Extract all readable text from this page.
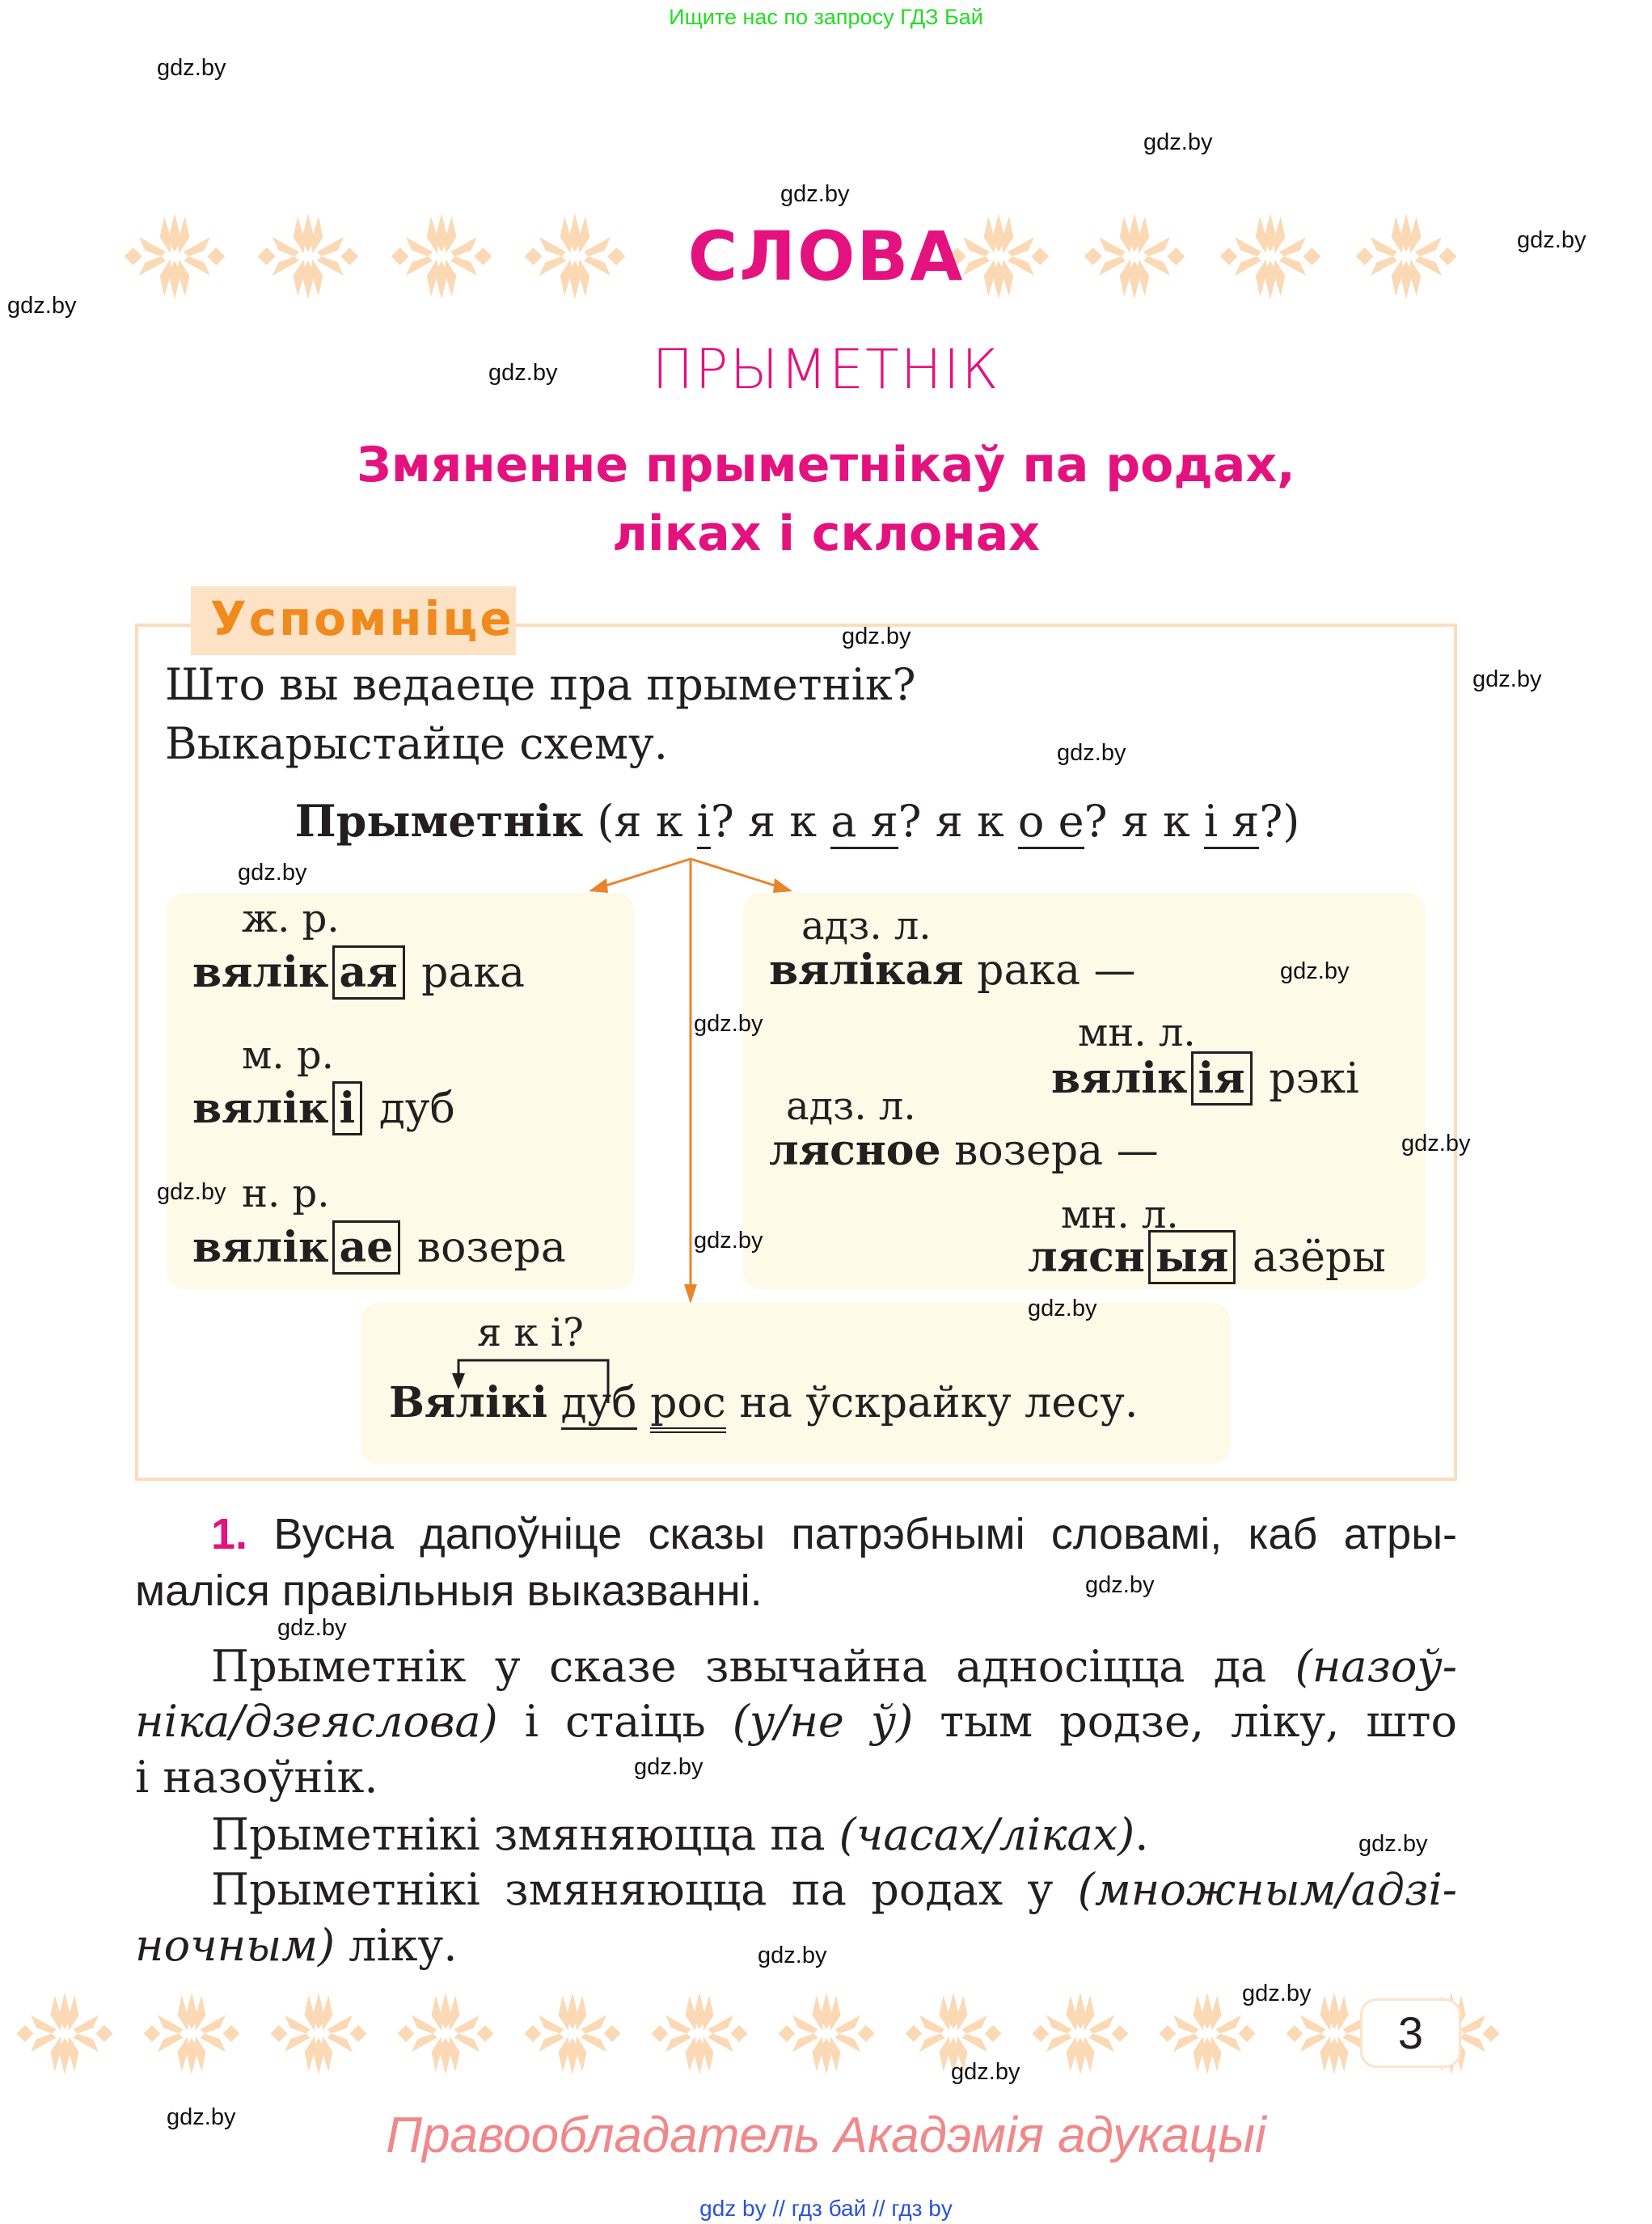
Ищите нас по запросу ГДЗ Бай
СЛОВА
ПРЫМЕТНІК
Змяненне прыметнікаў па родах,
ліках і склонах
Успомніце
Што вы ведаеце пра прыметнік?
Выкарыстайце схему.
Прыметнік (я к і? я к а я? я к о е? я к і я?)
ж. р.
вялік ая рака
м. р.
вялік і дуб
н. р.
вялік ае возера
адз. л.
вялікая рака —
мн. л.
вялік ія рэкі
адз. л.
лясное возера —
мн. л.
лясн ыя азёры
я к і?
Вялікі дуб рос на ўскрайку лесу.
1. Вусна дапоўніце сказы патрэбнымі словамі, каб атры-
маліся правільныя выказванні.
Прыметнік у сказе звычайна адносіцца да (назоў-
ніка/дзеяслова) і стаіць (у/не ў) тым родзе, ліку, што
і назоўнік.
Прыметнікі змяняюцца па (часах/ліках).
Прыметнікі змяняюцца па родах у (множным/адзі-
ночным) ліку.
3
Правообладатель Акадэмія адукацыі
gdz by // гдз бай // гдз by
gdz.by
gdz.by
gdz.by
gdz.by
gdz.by
gdz.by
gdz.by
gdz.by
gdz.by
gdz.by
gdz.by
gdz.by
gdz.by
gdz.by
gdz.by
gdz.by
gdz.by
gdz.by
gdz.by
gdz.by
gdz.by
gdz.by
gdz.by
gdz.by
